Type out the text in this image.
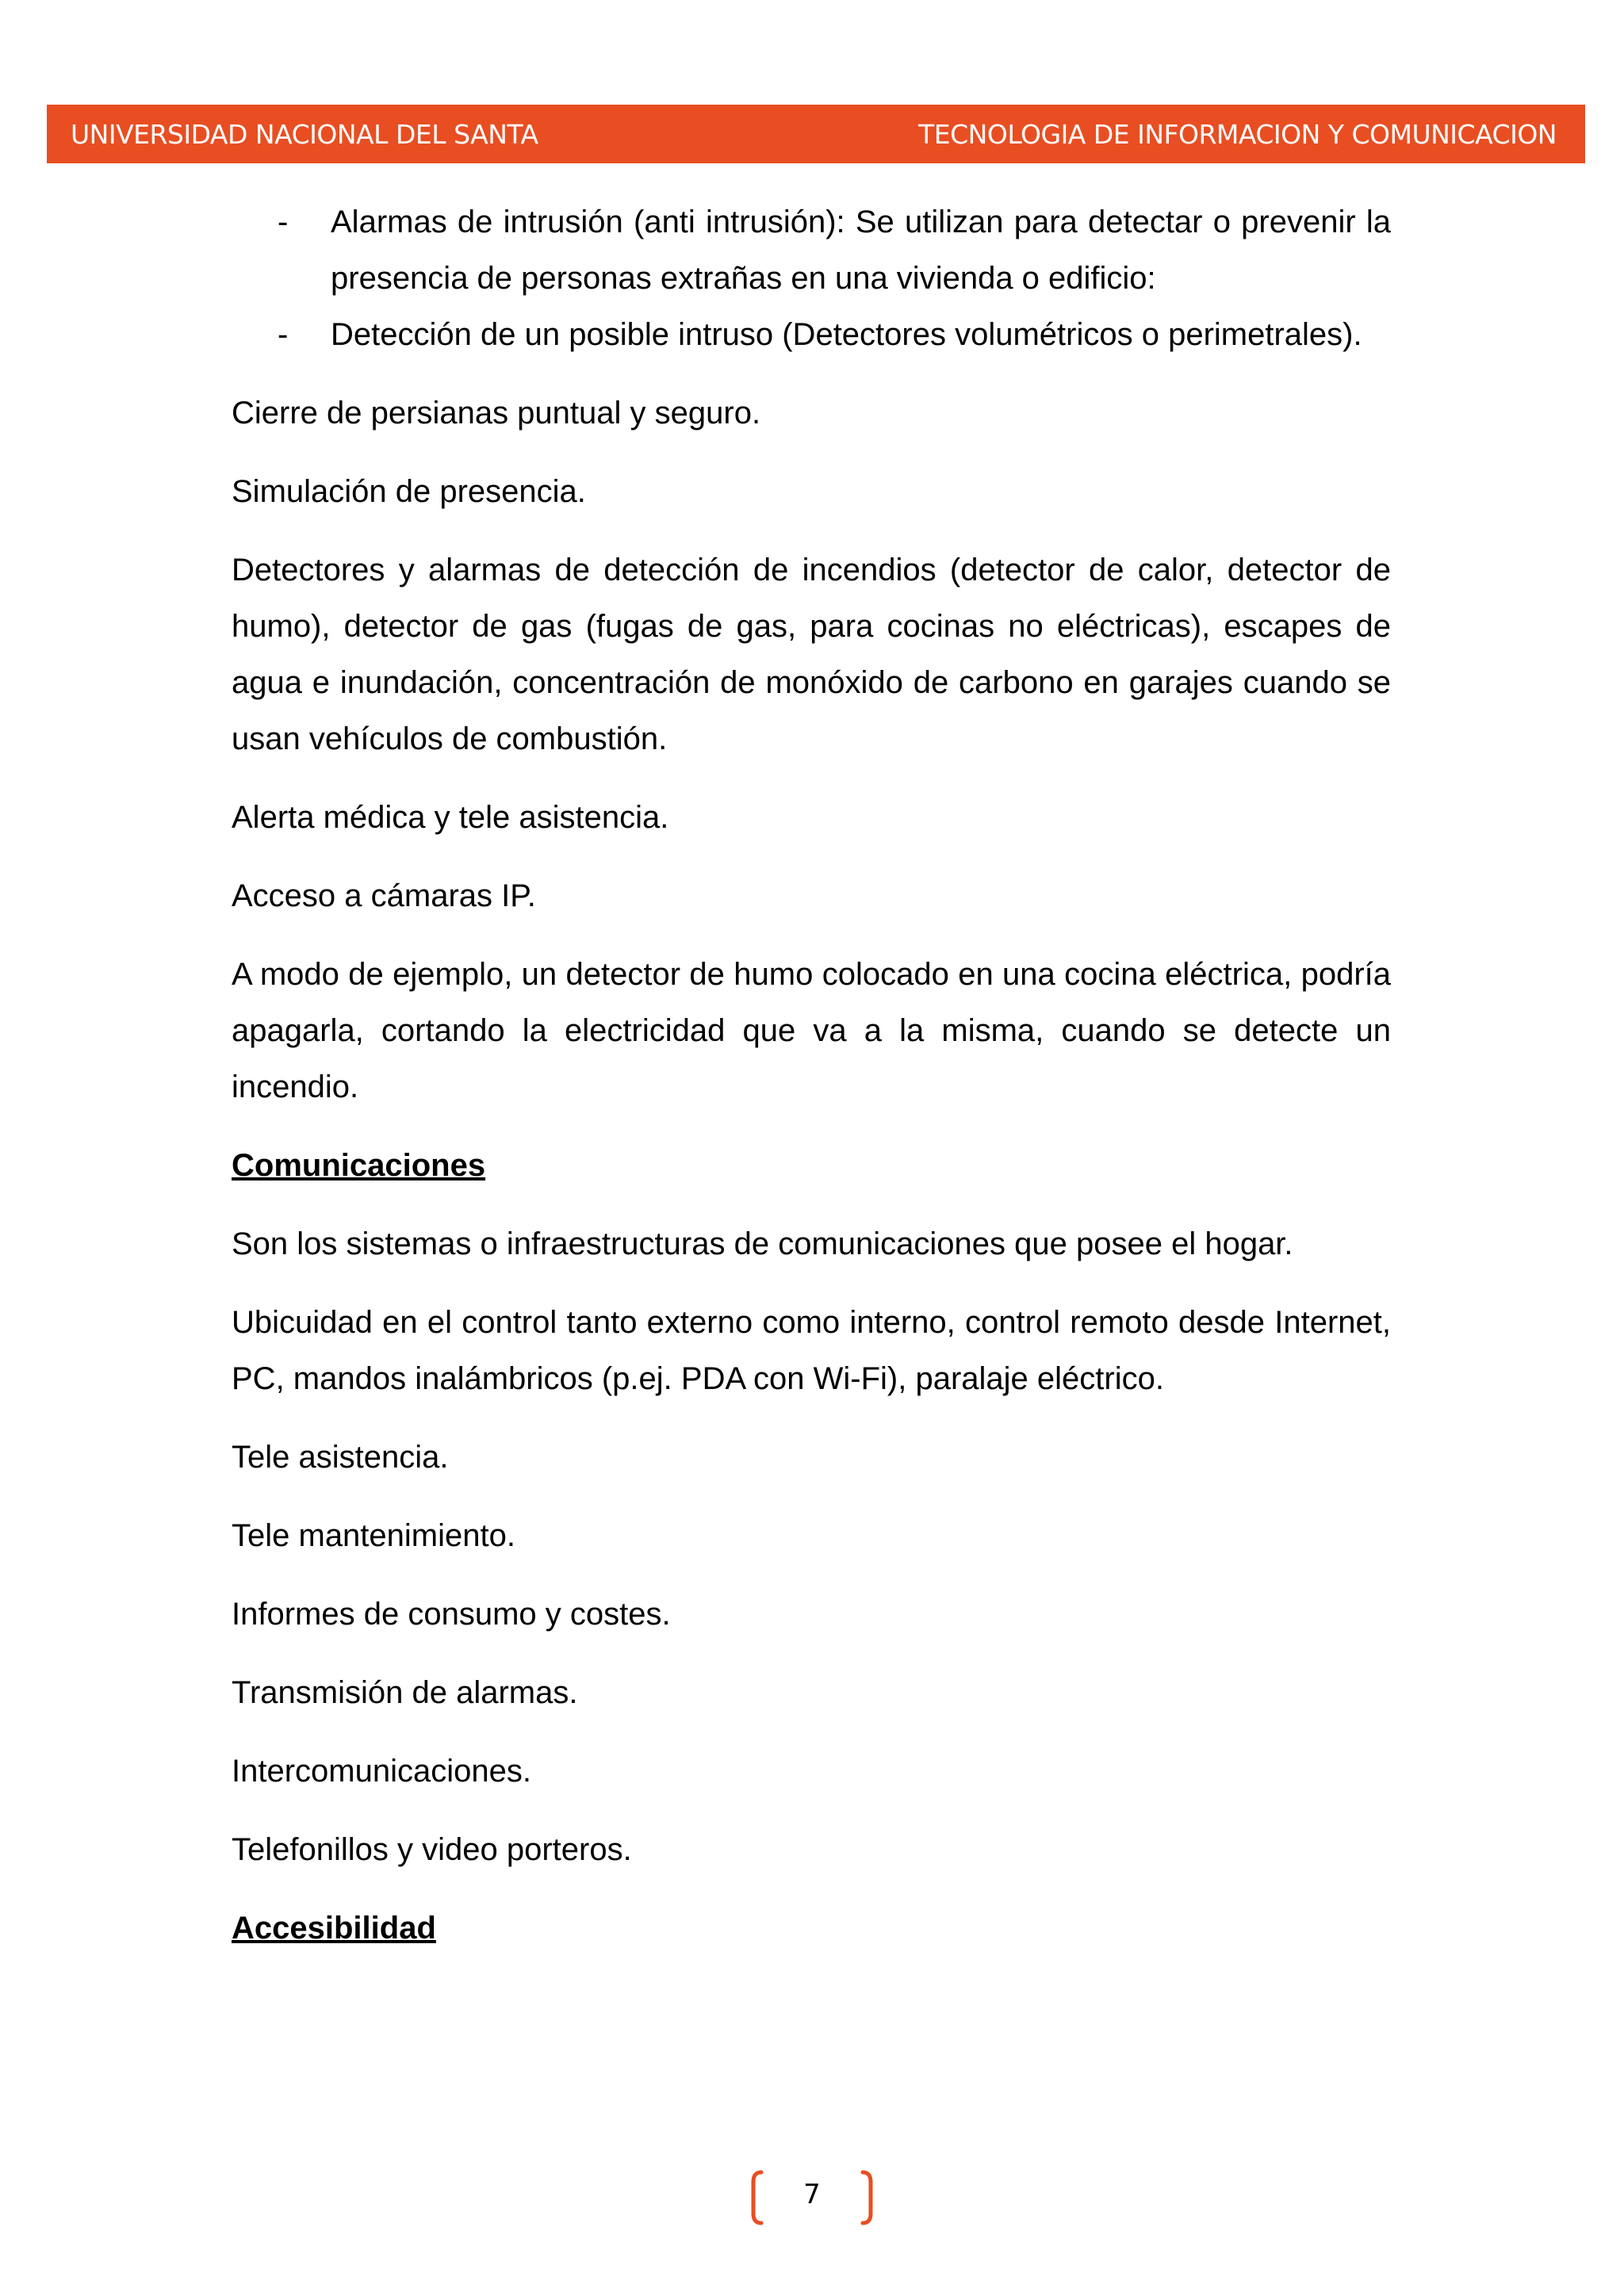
UNIVERSIDAD NACIONAL DEL SANTA	TECNOLOGIA DE INFORMACION Y COMUNICACION
- Alarmas de intrusión (anti intrusión): Se utilizan para detectar o prevenir la presencia de personas extrañas en una vivienda o edificio:
- Detección de un posible intruso (Detectores volumétricos o perimetrales).

Cierre de persianas puntual y seguro.

Simulación de presencia.

Detectores y alarmas de detección de incendios (detector de calor, detector de humo), detector de gas (fugas de gas, para cocinas no eléctricas), escapes de agua e inundación, concentración de monóxido de carbono en garajes cuando se usan vehículos de combustión.

Alerta médica y tele asistencia.

Acceso a cámaras IP.

A modo de ejemplo, un detector de humo colocado en una cocina eléctrica, podría apagarla, cortando la electricidad que va a la misma, cuando se detecte un incendio.

Comunicaciones

Son los sistemas o infraestructuras de comunicaciones que posee el hogar.

Ubicuidad en el control tanto externo como interno, control remoto desde Internet, PC, mandos inalámbricos (p.ej. PDA con Wi-Fi), paralaje eléctrico.

Tele asistencia.

Tele mantenimiento.

Informes de consumo y costes.

Transmisión de alarmas.

Intercomunicaciones.

Telefonillos y video porteros.

Accesibilidad

7
